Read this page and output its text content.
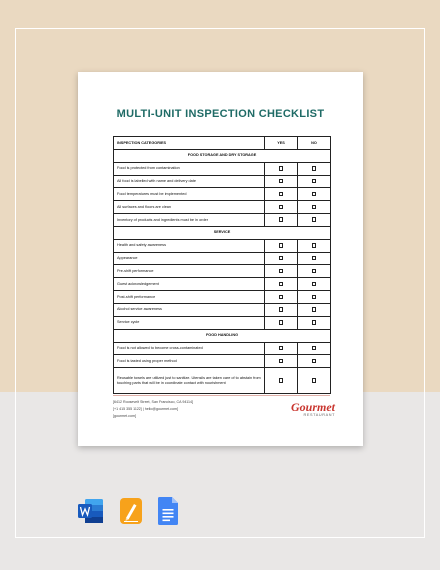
MULTI-UNIT INSPECTION CHECKLIST
INSPECTION CATEGORIES	YES	NO
FOOD STORAGE AND DRY STORAGE		
Food is protected from contamination		
All food is labelled with name and delivery date		
Food temperatures must be implemented		
All surfaces and floors are clean		
Inventory of products and ingredients must be in order		
SERVICE		
Health and safety awareness		
Appearance		
Pre-shift performance		
Guest acknowledgement		
Post-shift performance		
Alcohol service awareness		
Service cycle		
FOOD HANDLING		
Food is not allowed to become cross-contaminated		
Food is tasted using proper method		
Reusable towels are utilized just to sanitize. Utensils are taken care of to abstain from touching parts that will be in coordinate contact with nourishment		
[6412 Roosevelt Street, San Francisco, CA 94114]
[+1 415 355 1122] | hello@gourmet.com]
[gourmet.com]
Gourmet
RESTAURANT
